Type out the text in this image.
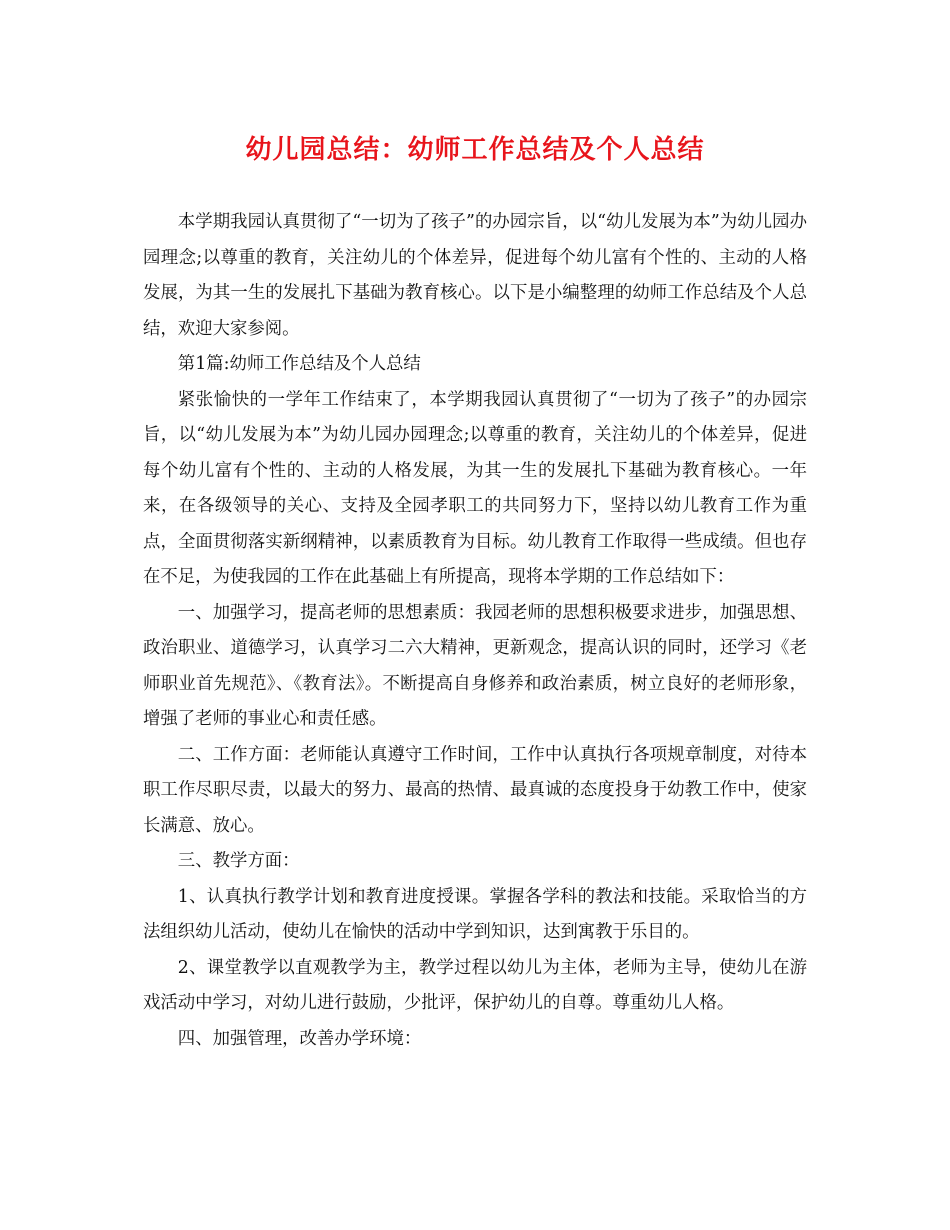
幼儿园总结：幼师工作总结及个人总结

本学期我园认真贯彻了“一切为了孩子”的办园宗旨，以“幼儿发展为本”为幼儿园办园理念;以尊重的教育，关注幼儿的个体差异，促进每个幼儿富有个性的、主动的人格发展，为其一生的发展扎下基础为教育核心。以下是小编整理的幼师工作总结及个人总结，欢迎大家参阅。

第1篇:幼师工作总结及个人总结

紧张愉快的一学年工作结束了，本学期我园认真贯彻了“一切为了孩子”的办园宗旨，以“幼儿发展为本”为幼儿园办园理念;以尊重的教育，关注幼儿的个体差异，促进每个幼儿富有个性的、主动的人格发展，为其一生的发展扎下基础为教育核心。一年来，在各级领导的关心、支持及全园孝职工的共同努力下，坚持以幼儿教育工作为重点，全面贯彻落实新纲精神，以素质教育为目标。幼儿教育工作取得一些成绩。但也存在不足，为使我园的工作在此基础上有所提高，现将本学期的工作总结如下：

一、加强学习，提高老师的思想素质：我园老师的思想积极要求进步，加强思想、政治职业、道德学习，认真学习二六大精神，更新观念，提高认识的同时，还学习《老师职业首先规范》、《教育法》。不断提高自身修养和政治素质，树立良好的老师形象，增强了老师的事业心和责任感。

二、工作方面：老师能认真遵守工作时间，工作中认真执行各项规章制度，对待本职工作尽职尽责，以最大的努力、最高的热情、最真诚的态度投身于幼教工作中，使家长满意、放心。

三、教学方面：

1、认真执行教学计划和教育进度授课。掌握各学科的教法和技能。采取恰当的方法组织幼儿活动，使幼儿在愉快的活动中学到知识，达到寓教于乐目的。

2、课堂教学以直观教学为主，教学过程以幼儿为主体，老师为主导，使幼儿在游戏活动中学习，对幼儿进行鼓励，少批评，保护幼儿的自尊。尊重幼儿人格。

四、加强管理，改善办学环境：
